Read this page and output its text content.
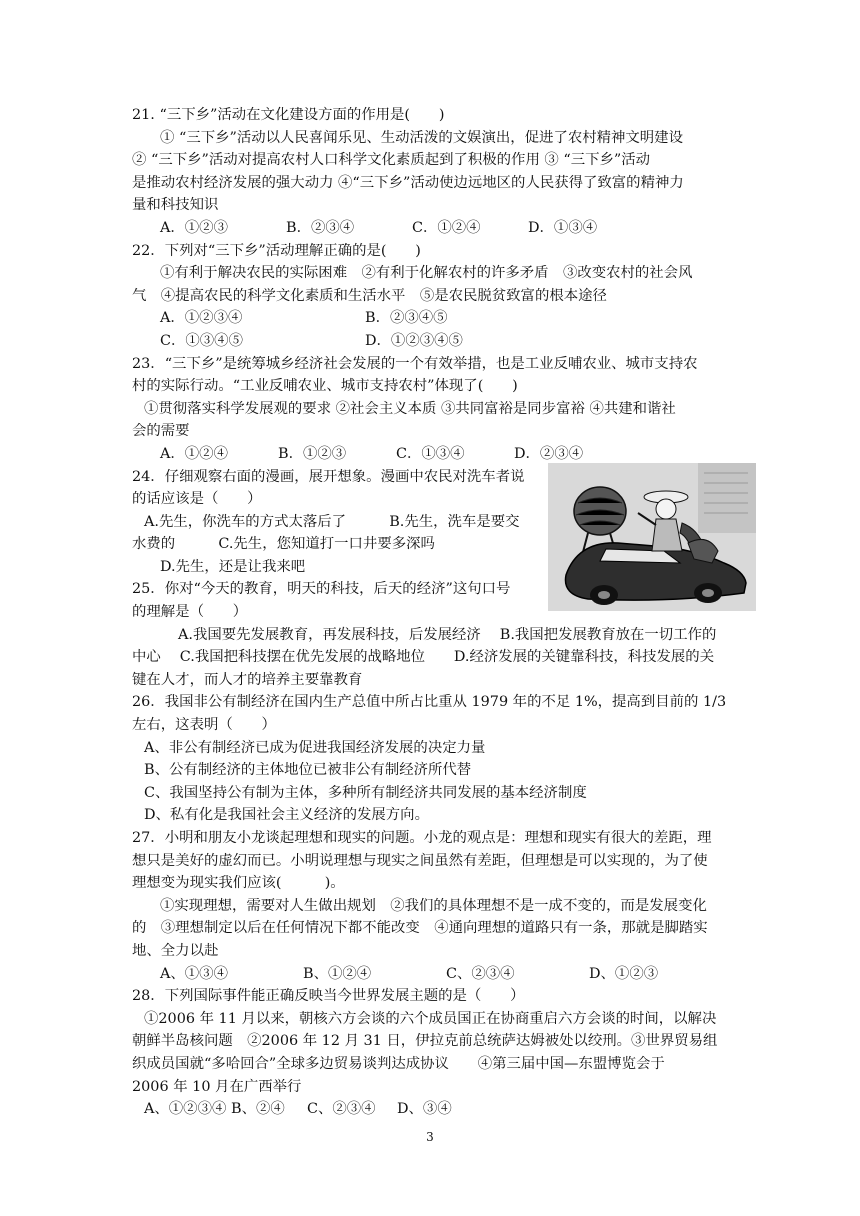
21. “三下乡”活动在文化建设方面的作用是(　　)
① “三下乡”活动以人民喜闻乐见、生动活泼的文娱演出，促进了农村精神文明建设
② “三下乡”活动对提高农村人口科学文化素质起到了积极的作用 ③ “三下乡”活动
是推动农村经济发展的强大动力 ④“三下乡”活动使边远地区的人民获得了致富的精神力
量和科技知识
A．①②③	B．②③④	C．①②④	D．①③④
22．下列对“三下乡”活动理解正确的是(　　)
①有利于解决农民的实际困难　②有利于化解农村的许多矛盾　③改变农村的社会风
气　④提高农民的科学文化素质和生活水平　⑤是农民脱贫致富的根本途径
A．①②③④	B．②③④⑤
C．①③④⑤	D．①②③④⑤
23．“三下乡”是统筹城乡经济社会发展的一个有效举措，也是工业反哺农业、城市支持农
村的实际行动。“工业反哺农业、城市支持农村”体现了(　　)
①贯彻落实科学发展观的要求 ②社会主义本质 ③共同富裕是同步富裕 ④共建和谐社
会的需要
A．①②④	B．①②③	C．①③④	D．②③④
24．仔细观察右面的漫画，展开想象。漫画中农民对洗车者说
的话应该是（　　）
A.先生，你洗车的方式太落后了　　　B.先生，洗车是要交
水费的　　　C.先生，您知道打一口井要多深吗
D.先生，还是让我来吧
25．你对“今天的教育，明天的科技，后天的经济”这句口号
的理解是（　　）
A.我国要先发展教育，再发展科技，后发展经济　 B.我国把发展教育放在一切工作的
中心　 C.我国把科技摆在优先发展的战略地位　　D.经济发展的关键靠科技，科技发展的关
键在人才，而人才的培养主要靠教育
26．我国非公有制经济在国内生产总值中所占比重从 1979 年的不足 1%，提高到目前的 1/3
左右，这表明（　　）
A、非公有制经济已成为促进我国经济发展的决定力量
B、公有制经济的主体地位已被非公有制经济所代替
C、我国坚持公有制为主体，多种所有制经济共同发展的基本经济制度
D、私有化是我国社会主义经济的发展方向。
27．小明和朋友小龙谈起理想和现实的问题。小龙的观点是：理想和现实有很大的差距，理
想只是美好的虚幻而已。小明说理想与现实之间虽然有差距，但理想是可以实现的，为了使
理想变为现实我们应该(　　　)。
①实现理想，需要对人生做出规划　②我们的具体理想不是一成不变的，而是发展变化
的　③理想制定以后在任何情况下都不能改变　④通向理想的道路只有一条，那就是脚踏实
地、全力以赴
A、①③④	B、①②④	C、②③④	D、①②③
28．下列国际事件能正确反映当今世界发展主题的是（　　）
①2006 年 11 月以来，朝核六方会谈的六个成员国正在协商重启六方会谈的时间，以解决
朝鲜半岛核问题　②2006 年 12 月 31 日，伊拉克前总统萨达姆被处以绞刑。③世界贸易组
织成员国就“多哈回合”全球多边贸易谈判达成协议　　④第三届中国—东盟博览会于
2006 年 10 月在广西举行
A、①②③④ B、②④ C、②③④ D、③④
3
